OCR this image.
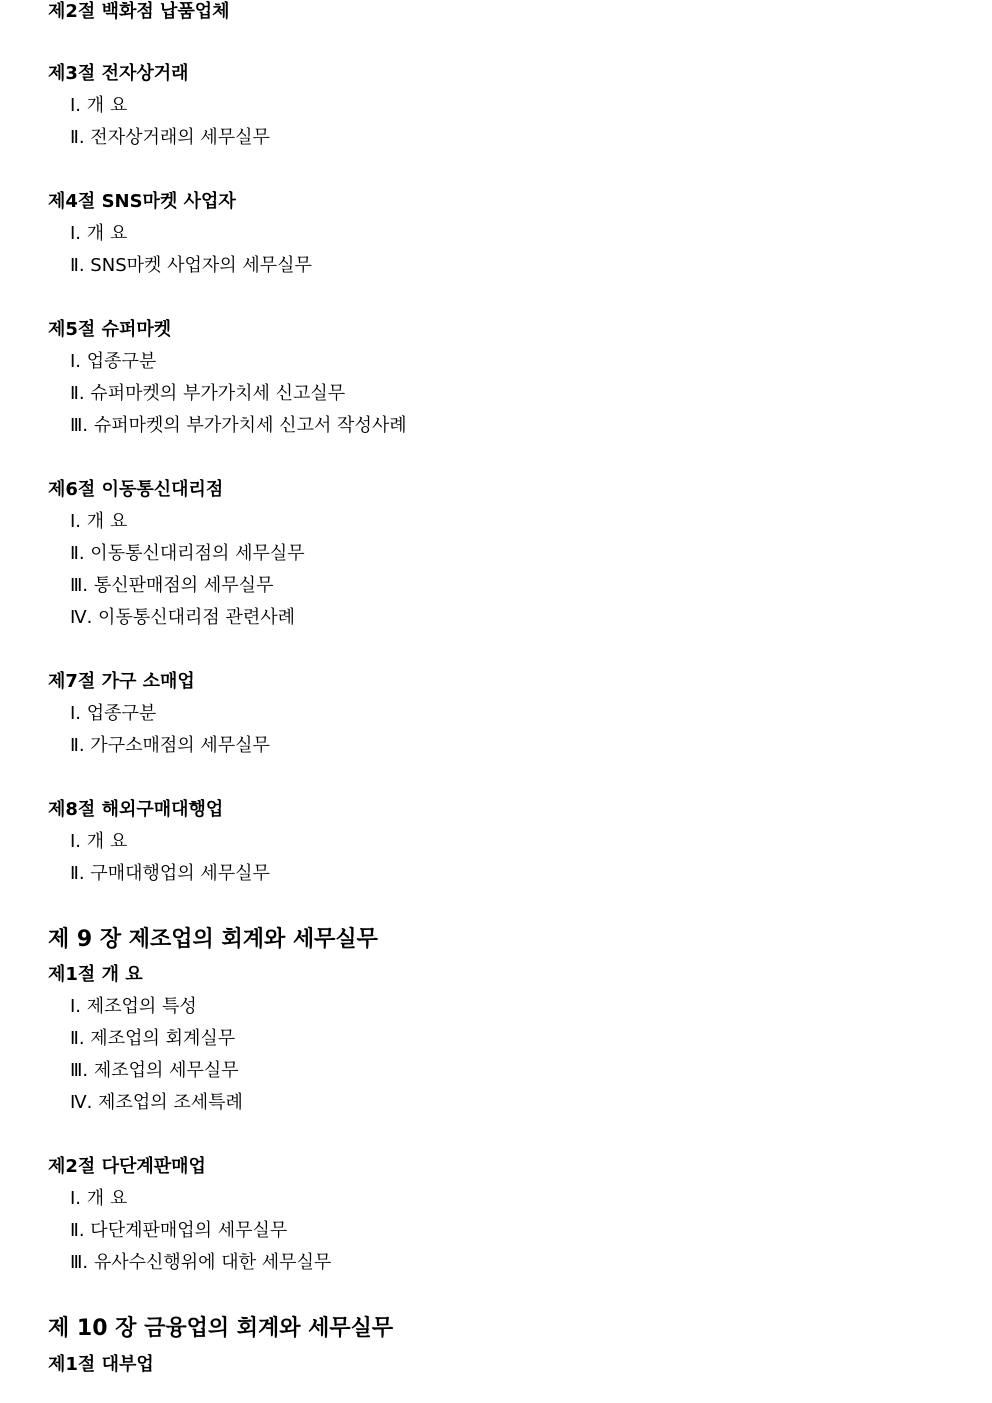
제2절 백화점 납품업체
제3절 전자상거래
Ⅰ. 개 요
Ⅱ. 전자상거래의 세무실무
제4절 SNS마켓 사업자
Ⅰ. 개 요
Ⅱ. SNS마켓 사업자의 세무실무
제5절 슈퍼마켓
Ⅰ. 업종구분
Ⅱ. 슈퍼마켓의 부가가치세 신고실무
Ⅲ. 슈퍼마켓의 부가가치세 신고서 작성사례
제6절 이동통신대리점
Ⅰ. 개 요
Ⅱ. 이동통신대리점의 세무실무
Ⅲ. 통신판매점의 세무실무
Ⅳ. 이동통신대리점 관련사례
제7절 가구 소매업
Ⅰ. 업종구분
Ⅱ. 가구소매점의 세무실무
제8절 해외구매대행업
Ⅰ. 개 요
Ⅱ. 구매대행업의 세무실무
제 9 장 제조업의 회계와 세무실무
제1절 개 요
Ⅰ. 제조업의 특성
Ⅱ. 제조업의 회계실무
Ⅲ. 제조업의 세무실무
Ⅳ. 제조업의 조세특례
제2절 다단계판매업
Ⅰ. 개 요
Ⅱ. 다단계판매업의 세무실무
Ⅲ. 유사수신행위에 대한 세무실무
제 10 장 금융업의 회계와 세무실무
제1절 대부업
